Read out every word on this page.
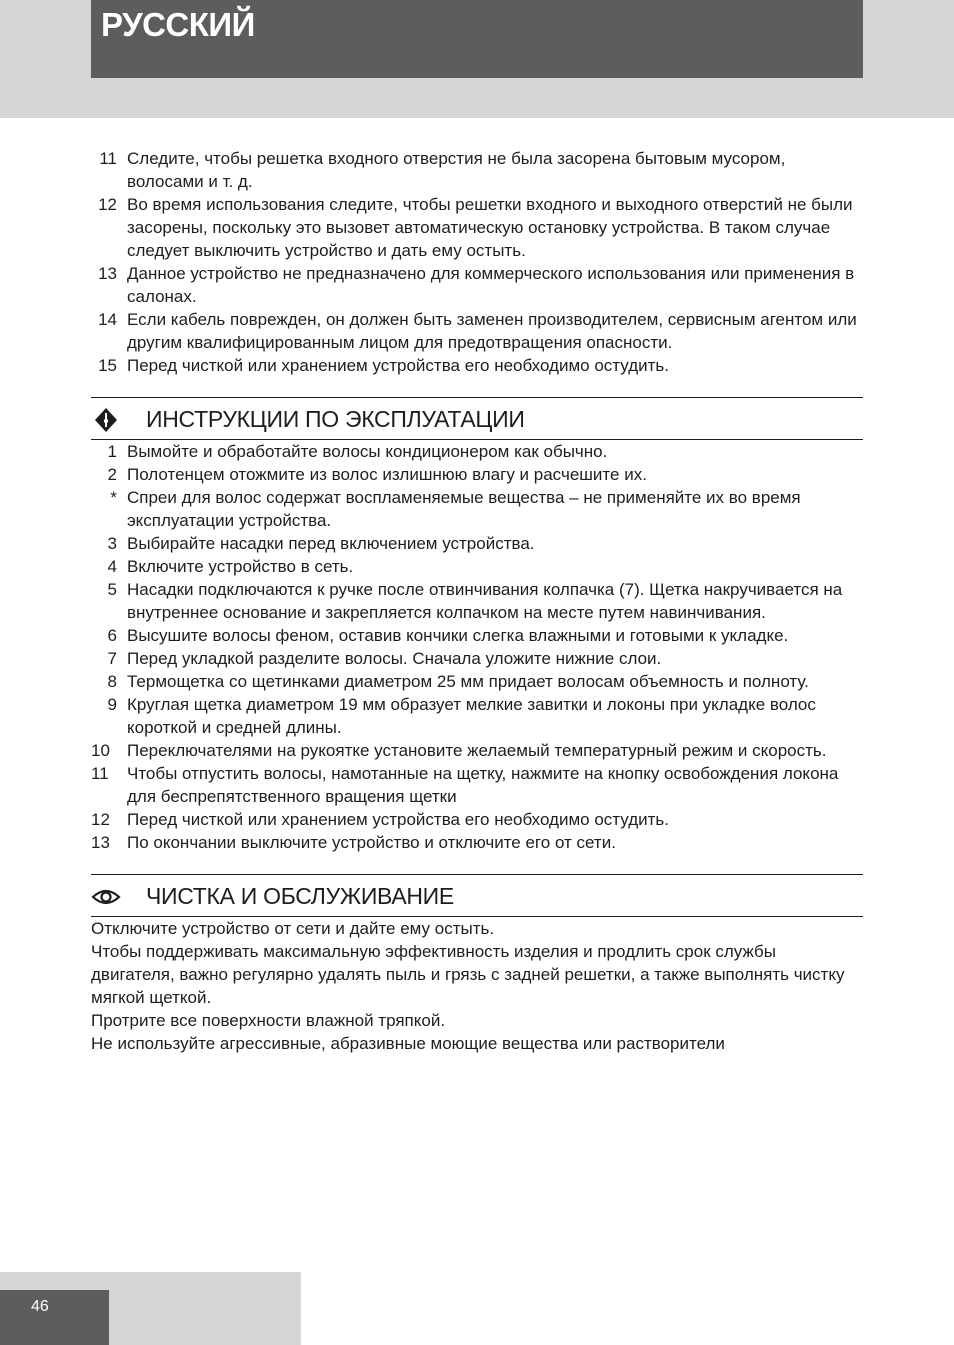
РУССКИЙ
11 Следите, чтобы решетка входного отверстия не была засорена бытовым мусором, волосами и т. д.
12 Во время использования следите, чтобы решетки входного и выходного отверстий не были засорены, поскольку это вызовет автоматическую остановку устройства. В таком случае следует выключить устройство и дать ему остыть.
13 Данное устройство не предназначено для коммерческого использования или применения в салонах.
14 Если кабель поврежден, он должен быть заменен производителем, сервисным агентом или другим квалифицированным лицом для предотвращения опасности.
15 Перед чисткой или хранением устройства его необходимо остудить.
ИНСТРУКЦИИ ПО ЭКСПЛУАТАЦИИ
1 Вымойте и обработайте волосы кондиционером как обычно.
2 Полотенцем отожмите из волос излишнюю влагу и расчешите их.
* Спреи для волос содержат воспламеняемые вещества – не применяйте их во время эксплуатации устройства.
3 Выбирайте насадки перед включением устройства.
4 Включите устройство в сеть.
5 Насадки подключаются к ручке после отвинчивания колпачка (7). Щетка накручивается на внутреннее основание и закрепляется колпачком на месте путем навинчивания.
6 Высушите волосы феном, оставив кончики слегка влажными и готовыми к укладке.
7 Перед укладкой разделите волосы. Сначала уложите нижние слои.
8 Термощетка со щетинками диаметром 25 мм придает волосам объемность и полноту.
9 Круглая щетка диаметром 19 мм образует мелкие завитки и локоны при укладке волос короткой и средней длины.
10	Переключателями на рукоятке установите желаемый температурный режим и скорость.
11	Чтобы отпустить волосы, намотанные на щетку, нажмите на кнопку освобождения локона для беспрепятственного вращения щетки
12	Перед чисткой или хранением устройства его необходимо остудить.
13	По окончании выключите устройство и отключите его от сети.
ЧИСТКА И ОБСЛУЖИВАНИЕ

Отключите устройство от сети и дайте ему остыть.

Чтобы поддерживать максимальную эффективность изделия и продлить срок службы двигателя, важно регулярно удалять пыль и грязь с задней решетки, а также выполнять чистку мягкой щеткой.

Протрите все поверхности влажной тряпкой.

Не используйте агрессивные, абразивные моющие вещества или растворители

46
